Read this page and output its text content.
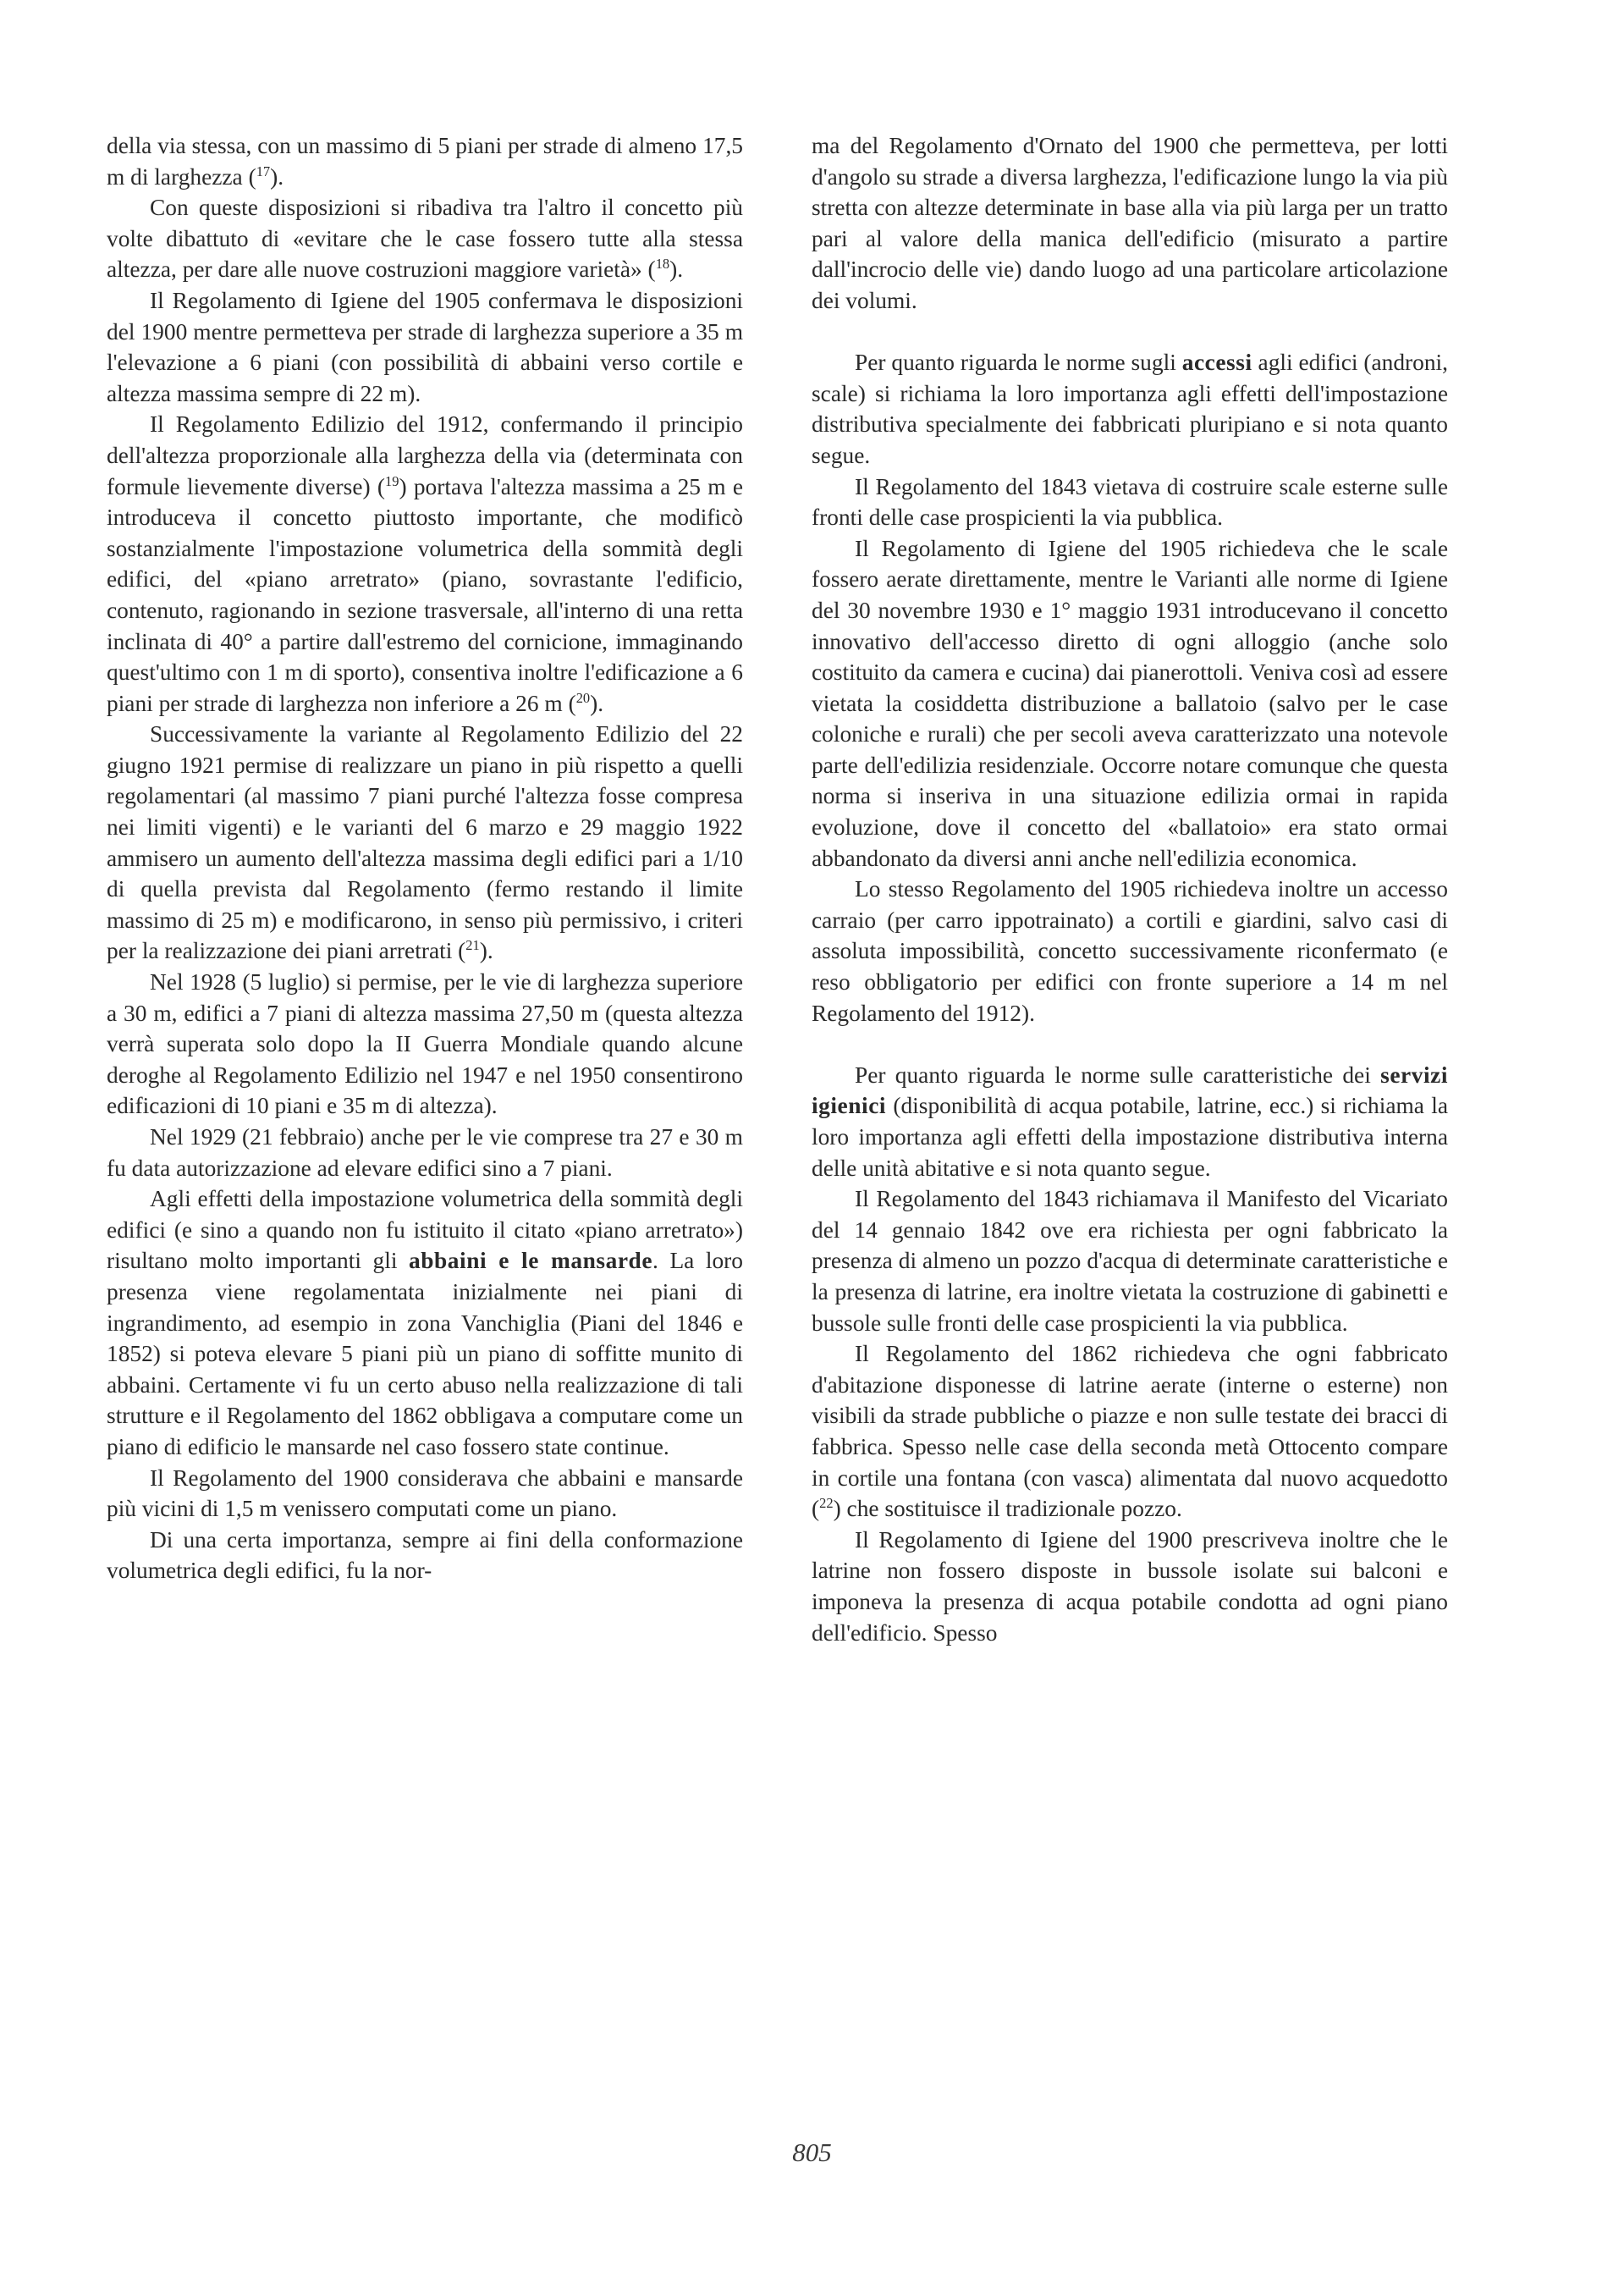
della via stessa, con un massimo di 5 piani per strade di almeno 17,5 m di larghezza ($^{17}$).

Con queste disposizioni si ribadiva tra l'altro il concetto più volte dibattuto di «evitare che le case fossero tutte alla stessa altezza, per dare alle nuove costruzioni maggiore varietà» ($^{18}$).

Il Regolamento di Igiene del 1905 confermava le disposizioni del 1900 mentre permetteva per strade di larghezza superiore a 35 m l'elevazione a 6 piani (con possibilità di abbaini verso cortile e altezza massima sempre di 22 m).

Il Regolamento Edilizio del 1912, confermando il principio dell'altezza proporzionale alla larghezza della via (determinata con formule lievemente diverse) ($^{19}$) portava l'altezza massima a 25 m e introduceva il concetto piuttosto importante, che modificò sostanzialmente l'impostazione volumetrica della sommità degli edifici, del «piano arretrato» (piano, sovrastante l'edificio, contenuto, ragionando in sezione trasversale, all'interno di una retta inclinata di 40° a partire dall'estremo del cornicione, immaginando quest'ultimo con 1 m di sporto), consentiva inoltre l'edificazione a 6 piani per strade di larghezza non inferiore a 26 m ($^{20}$).

Successivamente la variante al Regolamento Edilizio del 22 giugno 1921 permise di realizzare un piano in più rispetto a quelli regolamentari (al massimo 7 piani purché l'altezza fosse compresa nei limiti vigenti) e le varianti del 6 marzo e 29 maggio 1922 ammisero un aumento dell'altezza massima degli edifici pari a 1/10 di quella prevista dal Regolamento (fermo restando il limite massimo di 25 m) e modificarono, in senso più permissivo, i criteri per la realizzazione dei piani arretrati ($^{21}$).

Nel 1928 (5 luglio) si permise, per le vie di larghezza superiore a 30 m, edifici a 7 piani di altezza massima 27,50 m (questa altezza verrà superata solo dopo la II Guerra Mondiale quando alcune deroghe al Regolamento Edilizio nel 1947 e nel 1950 consentirono edificazioni di 10 piani e 35 m di altezza).

Nel 1929 (21 febbraio) anche per le vie comprese tra 27 e 30 m fu data autorizzazione ad elevare edifici sino a 7 piani.

Agli effetti della impostazione volumetrica della sommità degli edifici (e sino a quando non fu istituito il citato «piano arretrato») risultano molto importanti gli abbaini e le mansarde. La loro presenza viene regolamentata inizialmente nei piani di ingrandimento, ad esempio in zona Vanchiglia (Piani del 1846 e 1852) si poteva elevare 5 piani più un piano di soffitte munito di abbaini. Certamente vi fu un certo abuso nella realizzazione di tali strutture e il Regolamento del 1862 obbligava a computare come un piano di edificio le mansarde nel caso fossero state continue.

Il Regolamento del 1900 considerava che abbaini e mansarde più vicini di 1,5 m venissero computati come un piano.

Di una certa importanza, sempre ai fini della conformazione volumetrica degli edifici, fu la nor-

ma del Regolamento d'Ornato del 1900 che permetteva, per lotti d'angolo su strade a diversa larghezza, l'edificazione lungo la via più stretta con altezze determinate in base alla via più larga per un tratto pari al valore della manica dell'edificio (misurato a partire dall'incrocio delle vie) dando luogo ad una particolare articolazione dei volumi.

Per quanto riguarda le norme sugli accessi agli edifici (androni, scale) si richiama la loro importanza agli effetti dell'impostazione distributiva specialmente dei fabbricati pluripiano e si nota quanto segue.

Il Regolamento del 1843 vietava di costruire scale esterne sulle fronti delle case prospicienti la via pubblica.

Il Regolamento di Igiene del 1905 richiedeva che le scale fossero aerate direttamente, mentre le Varianti alle norme di Igiene del 30 novembre 1930 e 1° maggio 1931 introducevano il concetto innovativo dell'accesso diretto di ogni alloggio (anche solo costituito da camera e cucina) dai pianerottoli. Veniva così ad essere vietata la cosiddetta distribuzione a ballatoio (salvo per le case coloniche e rurali) che per secoli aveva caratterizzato una notevole parte dell'edilizia residenziale. Occorre notare comunque che questa norma si inseriva in una situazione edilizia ormai in rapida evoluzione, dove il concetto del «ballatoio» era stato ormai abbandonato da diversi anni anche nell'edilizia economica.

Lo stesso Regolamento del 1905 richiedeva inoltre un accesso carraio (per carro ippotrainato) a cortili e giardini, salvo casi di assoluta impossibilità, concetto successivamente riconfermato (e reso obbligatorio per edifici con fronte superiore a 14 m nel Regolamento del 1912).

Per quanto riguarda le norme sulle caratteristiche dei servizi igienici (disponibilità di acqua potabile, latrine, ecc.) si richiama la loro importanza agli effetti della impostazione distributiva interna delle unità abitative e si nota quanto segue.

Il Regolamento del 1843 richiamava il Manifesto del Vicariato del 14 gennaio 1842 ove era richiesta per ogni fabbricato la presenza di almeno un pozzo d'acqua di determinate caratteristiche e la presenza di latrine, era inoltre vietata la costruzione di gabinetti e bussole sulle fronti delle case prospicienti la via pubblica.

Il Regolamento del 1862 richiedeva che ogni fabbricato d'abitazione disponesse di latrine aerate (interne o esterne) non visibili da strade pubbliche o piazze e non sulle testate dei bracci di fabbrica. Spesso nelle case della seconda metà Ottocento compare in cortile una fontana (con vasca) alimentata dal nuovo acquedotto ($^{22}$) che sostituisce il tradizionale pozzo.

Il Regolamento di Igiene del 1900 prescriveva inoltre che le latrine non fossero disposte in bussole isolate sui balconi e imponeva la presenza di acqua potabile condotta ad ogni piano dell'edificio. Spesso

805
